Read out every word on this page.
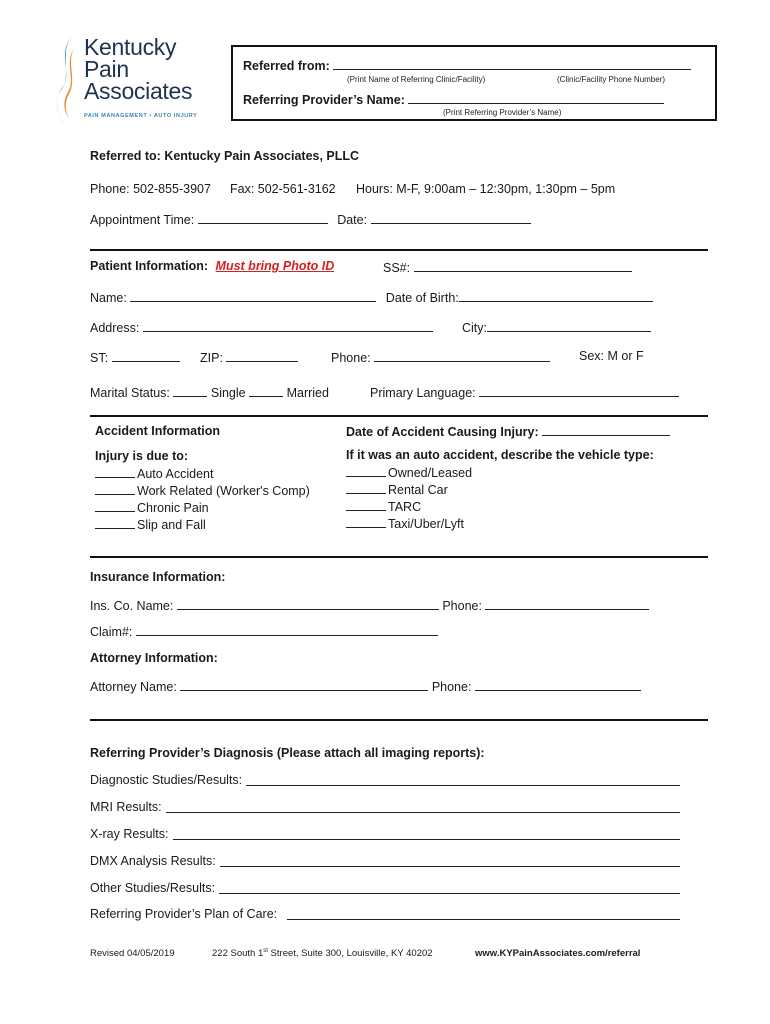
Kentucky
Pain
Associates
PAIN MANAGEMENT • AUTO INJURY
Referred from:
(Print Name of Referring Clinic/Facility)	(Clinic/Facility Phone Number)
Referring Provider’s Name:
(Print Referring Provider’s Name)
Referred to: Kentucky Pain Associates, PLLC
Phone: 502-855-3907 Fax: 502-561-3162 Hours: M-F, 9:00am – 12:30pm, 1:30pm – 5pm
Appointment Time:	Date:
Patient Information: Must bring Photo ID	SS#:
Name:	Date of Birth:
Address:	City:
ST:	ZIP:	Phone:	Sex: M or F
Marital Status:	Single	Married	Primary Language:
Accident Information	Date of Accident Causing Injury:
Injury is due to:
Auto Accident
Work Related (Worker's Comp)
Chronic Pain
Slip and Fall
If it was an auto accident, describe the vehicle type:
Owned/Leased
Rental Car
TARC
Taxi/Uber/Lyft
Insurance Information:
Ins. Co. Name:	Phone:
Claim#:
Attorney Information:
Attorney Name:	Phone:
Referring Provider’s Diagnosis (Please attach all imaging reports):
Diagnostic Studies/Results:
MRI Results:
X-ray Results:
DMX Analysis Results:
Other Studies/Results:
Referring Provider’s Plan of Care:
Revised 04/05/2019	222 South 1st Street, Suite 300, Louisville, KY 40202	www.KYPainAssociates.com/referral
